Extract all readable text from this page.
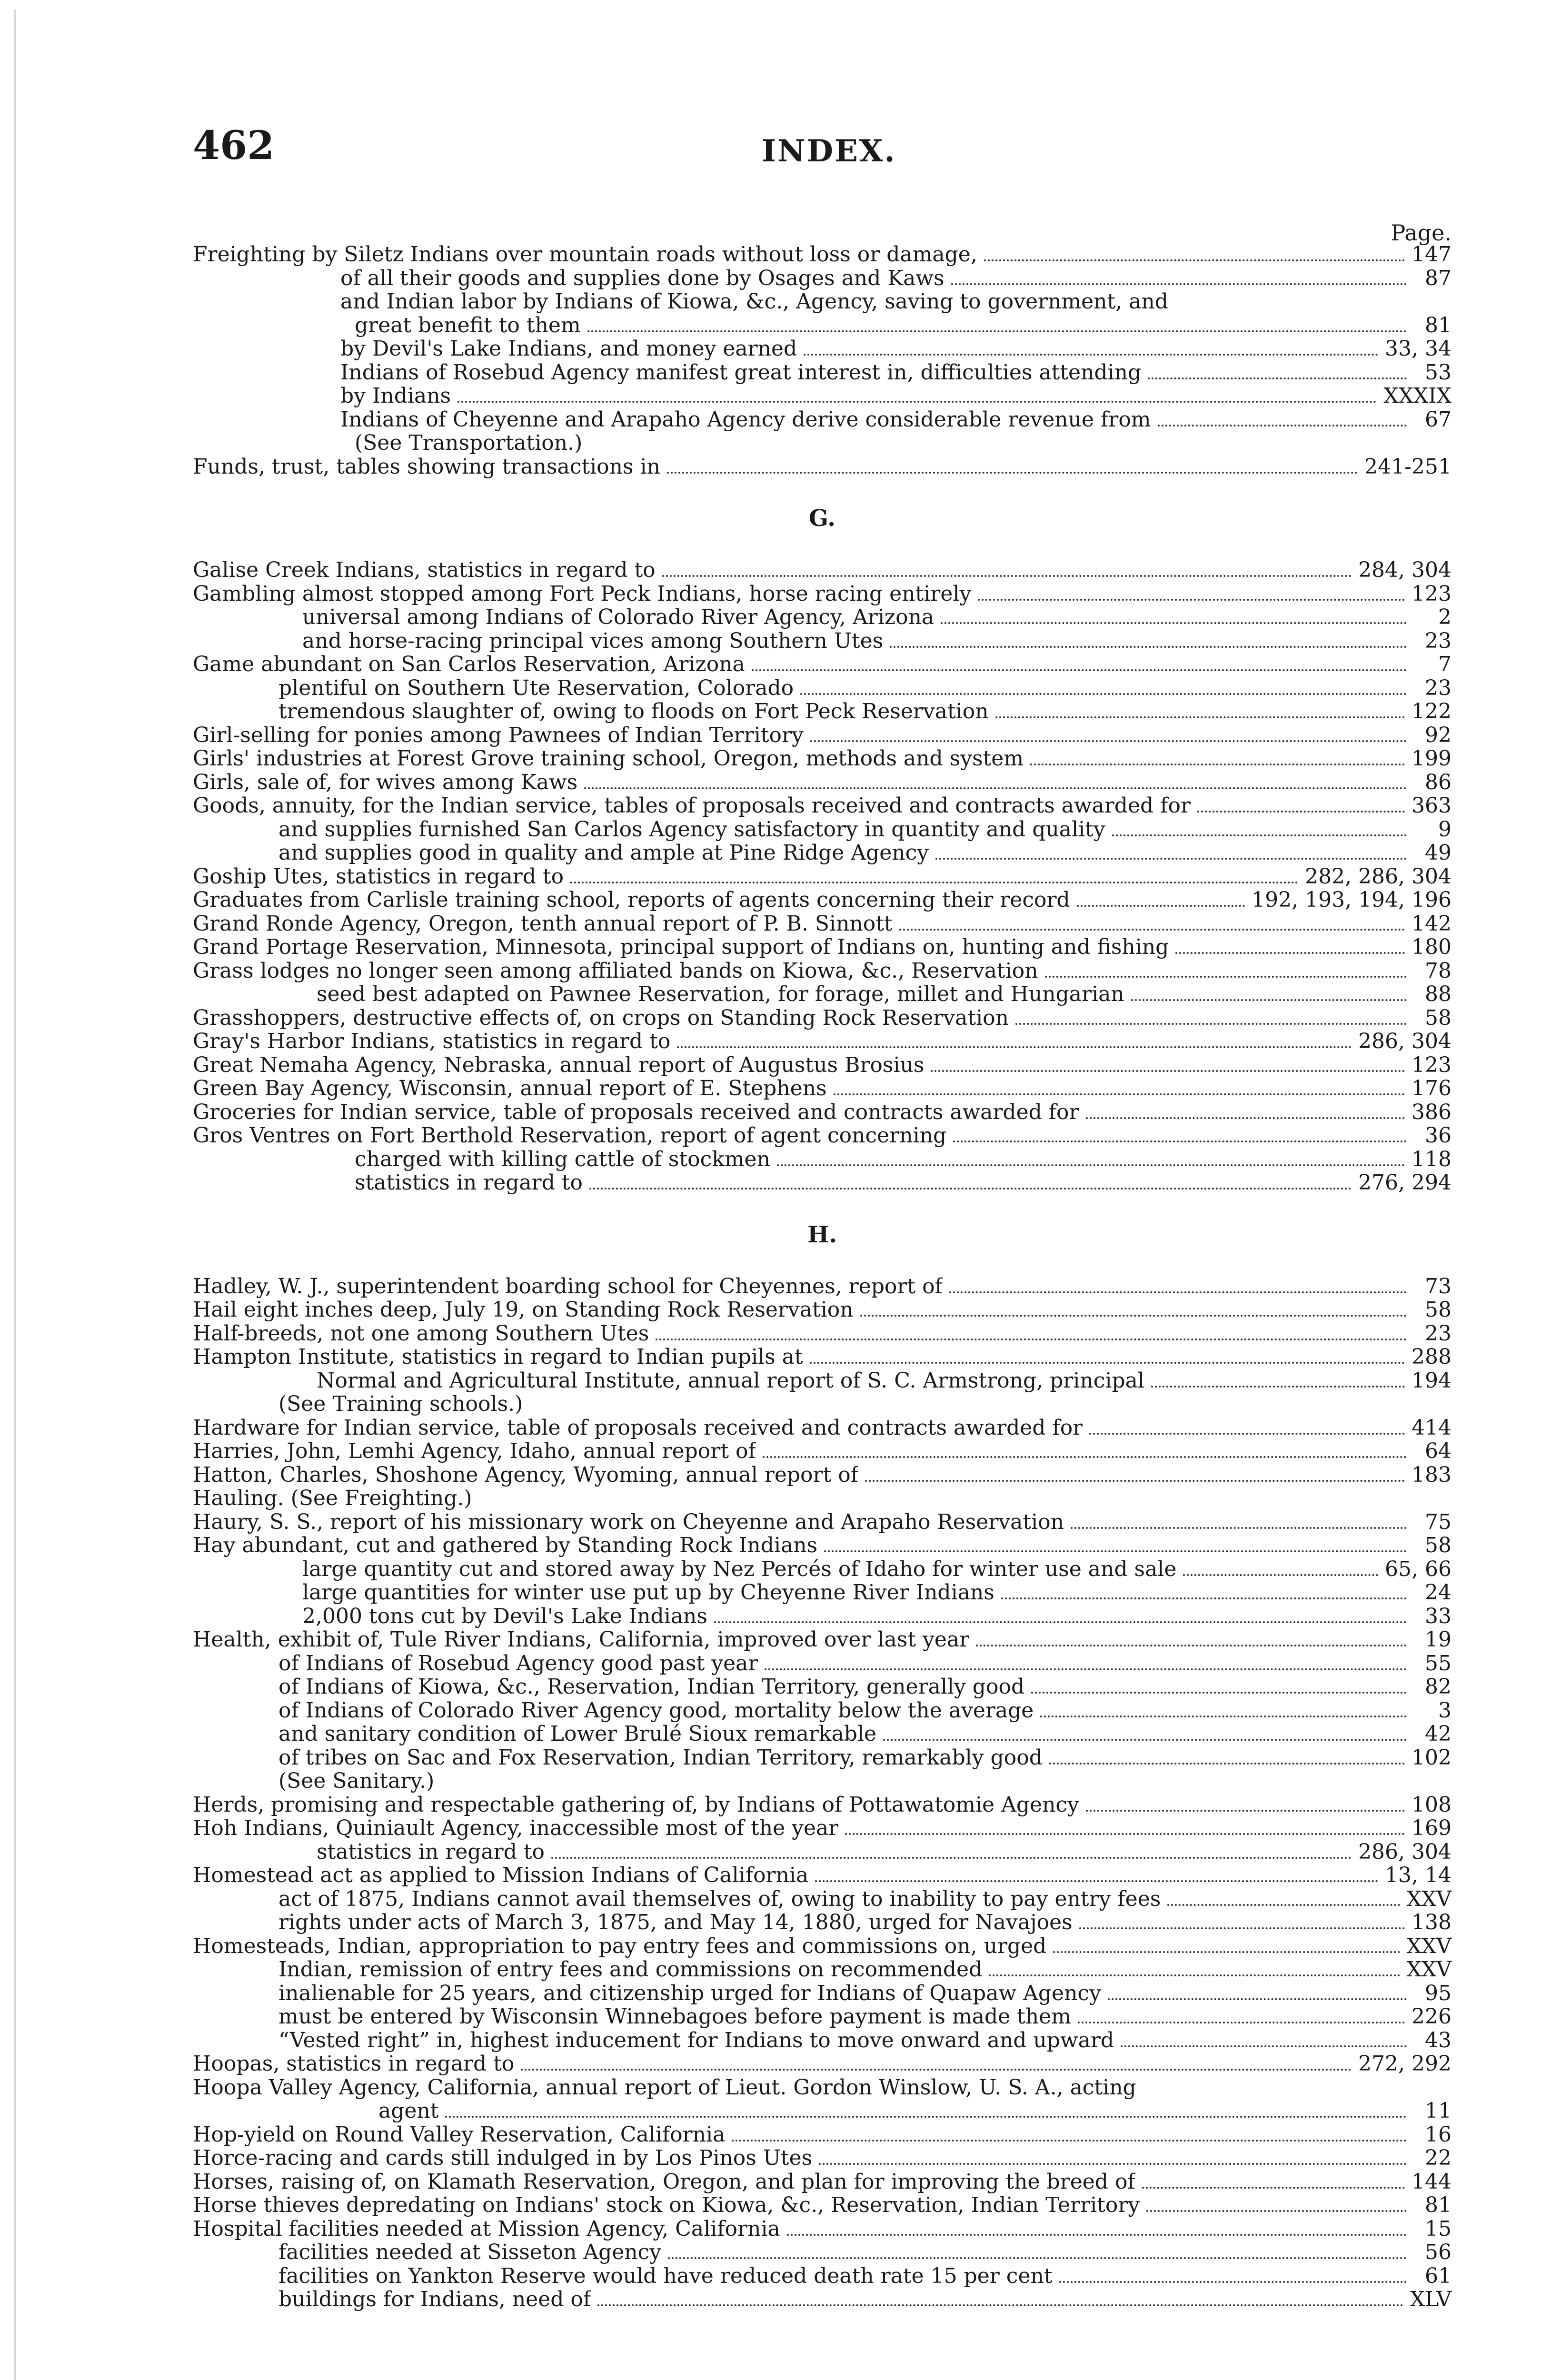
462	INDEX.
Page.
Freighting by Siletz Indians over mountain roads without loss or damage,	147
of all their goods and supplies done by Osages and Kaws	87
and Indian labor by Indians of Kiowa, &c., Agency, saving to government, and
great benefit to them	81
by Devil's Lake Indians, and money earned	33, 34
Indians of Rosebud Agency manifest great interest in, difficulties attending	53
by Indians	XXXIX
Indians of Cheyenne and Arapaho Agency derive considerable revenue from	67
(See Transportation.)
Funds, trust, tables showing transactions in	241-251
G.
Galise Creek Indians, statistics in regard to	284, 304
Gambling almost stopped among Fort Peck Indians, horse racing entirely	123
universal among Indians of Colorado River Agency, Arizona	2
and horse-racing principal vices among Southern Utes	23
Game abundant on San Carlos Reservation, Arizona	7
plentiful on Southern Ute Reservation, Colorado	23
tremendous slaughter of, owing to floods on Fort Peck Reservation	122
Girl-selling for ponies among Pawnees of Indian Territory	92
Girls' industries at Forest Grove training school, Oregon, methods and system	199
Girls, sale of, for wives among Kaws	86
Goods, annuity, for the Indian service, tables of proposals received and contracts awarded for	363
and supplies furnished San Carlos Agency satisfactory in quantity and quality	9
and supplies good in quality and ample at Pine Ridge Agency	49
Goship Utes, statistics in regard to	282, 286, 304
Graduates from Carlisle training school, reports of agents concerning their record	192, 193, 194, 196
Grand Ronde Agency, Oregon, tenth annual report of P. B. Sinnott	142
Grand Portage Reservation, Minnesota, principal support of Indians on, hunting and fishing	180
Grass lodges no longer seen among affiliated bands on Kiowa, &c., Reservation	78
seed best adapted on Pawnee Reservation, for forage, millet and Hungarian	88
Grasshoppers, destructive effects of, on crops on Standing Rock Reservation	58
Gray's Harbor Indians, statistics in regard to	286, 304
Great Nemaha Agency, Nebraska, annual report of Augustus Brosius	123
Green Bay Agency, Wisconsin, annual report of E. Stephens	176
Groceries for Indian service, table of proposals received and contracts awarded for	386
Gros Ventres on Fort Berthold Reservation, report of agent concerning	36
charged with killing cattle of stockmen	118
statistics in regard to	276, 294
H.
Hadley, W. J., superintendent boarding school for Cheyennes, report of	73
Hail eight inches deep, July 19, on Standing Rock Reservation	58
Half-breeds, not one among Southern Utes	23
Hampton Institute, statistics in regard to Indian pupils at	288
Normal and Agricultural Institute, annual report of S. C. Armstrong, principal	194
(See Training schools.)
Hardware for Indian service, table of proposals received and contracts awarded for	414
Harries, John, Lemhi Agency, Idaho, annual report of	64
Hatton, Charles, Shoshone Agency, Wyoming, annual report of	183
Hauling. (See Freighting.)
Haury, S. S., report of his missionary work on Cheyenne and Arapaho Reservation	75
Hay abundant, cut and gathered by Standing Rock Indians	58
large quantity cut and stored away by Nez Percés of Idaho for winter use and sale	65, 66
large quantities for winter use put up by Cheyenne River Indians	24
2,000 tons cut by Devil's Lake Indians	33
Health, exhibit of, Tule River Indians, California, improved over last year	19
of Indians of Rosebud Agency good past year	55
of Indians of Kiowa, &c., Reservation, Indian Territory, generally good	82
of Indians of Colorado River Agency good, mortality below the average	3
and sanitary condition of Lower Brulé Sioux remarkable	42
of tribes on Sac and Fox Reservation, Indian Territory, remarkably good	102
(See Sanitary.)
Herds, promising and respectable gathering of, by Indians of Pottawatomie Agency	108
Hoh Indians, Quiniault Agency, inaccessible most of the year	169
statistics in regard to	286, 304
Homestead act as applied to Mission Indians of California	13, 14
act of 1875, Indians cannot avail themselves of, owing to inability to pay entry fees	XXV
rights under acts of March 3, 1875, and May 14, 1880, urged for Navajoes	138
Homesteads, Indian, appropriation to pay entry fees and commissions on, urged	XXV
Indian, remission of entry fees and commissions on recommended	XXV
inalienable for 25 years, and citizenship urged for Indians of Quapaw Agency	95
must be entered by Wisconsin Winnebagoes before payment is made them	226
“Vested right” in, highest inducement for Indians to move onward and upward	43
Hoopas, statistics in regard to	272, 292
Hoopa Valley Agency, California, annual report of Lieut. Gordon Winslow, U. S. A., acting
agent	11
Hop-yield on Round Valley Reservation, California	16
Horce-racing and cards still indulged in by Los Pinos Utes	22
Horses, raising of, on Klamath Reservation, Oregon, and plan for improving the breed of	144
Horse thieves depredating on Indians' stock on Kiowa, &c., Reservation, Indian Territory	81
Hospital facilities needed at Mission Agency, California	15
facilities needed at Sisseton Agency	56
facilities on Yankton Reserve would have reduced death rate 15 per cent	61
buildings for Indians, need of	XLV
